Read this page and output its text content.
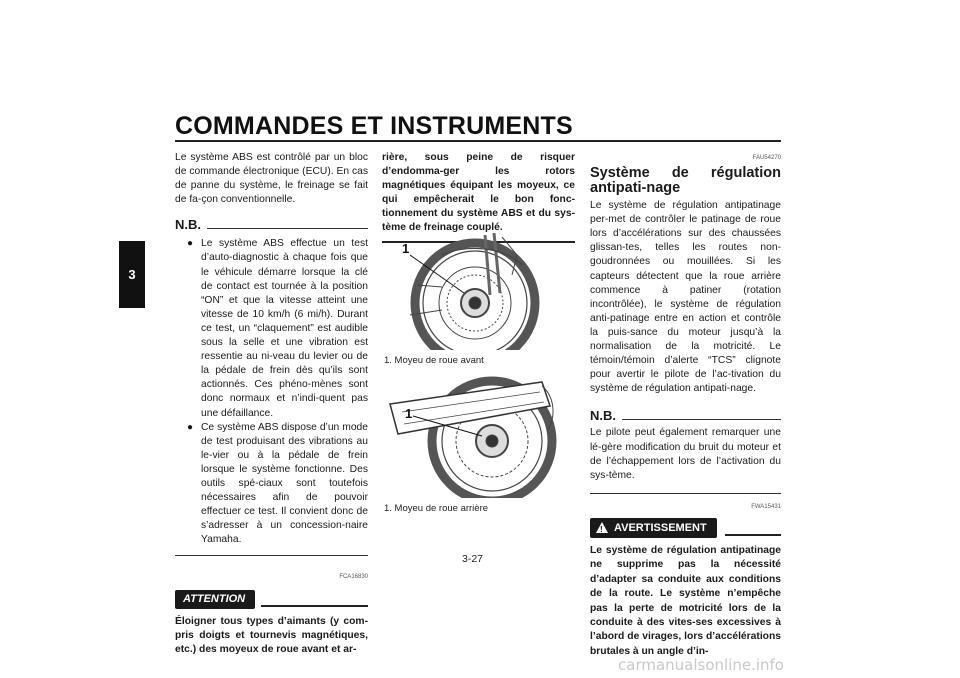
COMMANDES ET INSTRUMENTS
3

Le système ABS est contrôlé par un bloc de commande électronique (ECU). En cas de panne du système, le freinage se fait de fa-çon conventionnelle.

N.B.
● Le système ABS effectue un test d’auto-diagnostic à chaque fois que le véhicule démarre lorsque la clé de contact est tournée à la position “ON” et que la vitesse atteint une vitesse de 10 km/h (6 mi/h). Durant ce test, un “claquement” est audible sous la selle et une vibration est ressentie au ni-veau du levier ou de la pédale de frein dès qu’ils sont actionnés. Ces phéno-mènes sont donc normaux et n’indi-quent pas une défaillance.
● Ce système ABS dispose d’un mode de test produisant des vibrations au le-vier ou à la pédale de frein lorsque le système fonctionne. Des outils spé-ciaux sont toutefois nécessaires afin de pouvoir effectuer ce test. Il convient donc de s’adresser à un concession-naire Yamaha.
FCA16830
ATTENTION

Éloigner tous types d’aimants (y com-pris doigts et tournevis magnétiques, etc.) des moyeux de roue avant et ar-

rière, sous peine de risquer d’endomma-ger les rotors magnétiques équipant les moyeux, ce qui empêcherait le bon fonc-tionnement du système ABS et du sys-tème de freinage couplé.

1
1. Moyeu de roue avant
1
1. Moyeu de roue arrière
FAU54270
Système de régulation antipati-nage

Le système de régulation antipatinage per-met de contrôler le patinage de roue lors d’accélérations sur des chaussées glissan-tes, telles les routes non-goudronnées ou mouillées. Si les capteurs détectent que la roue arrière commence à patiner (rotation incontrôlée), le système de régulation anti-patinage entre en action et contrôle la puis-sance du moteur jusqu’à la normalisation de la motricité. Le témoin/témoin d’alerte “TCS” clignote pour avertir le pilote de l’ac-tivation du système de régulation antipati-nage.

N.B.

Le pilote peut également remarquer une lé-gère modification du bruit du moteur et de l’échappement lors de l’activation du sys-tème.

FWA15431
! AVERTISSEMENT

Le système de régulation antipatinage ne supprime pas la nécessité d’adapter sa conduite aux conditions de la route. Le système n’empêche pas la perte de motricité lors de la conduite à des vites-ses excessives à l’abord de virages, lors d’accélérations brutales à un angle d’in-

3-27
carmanualsonline.info
